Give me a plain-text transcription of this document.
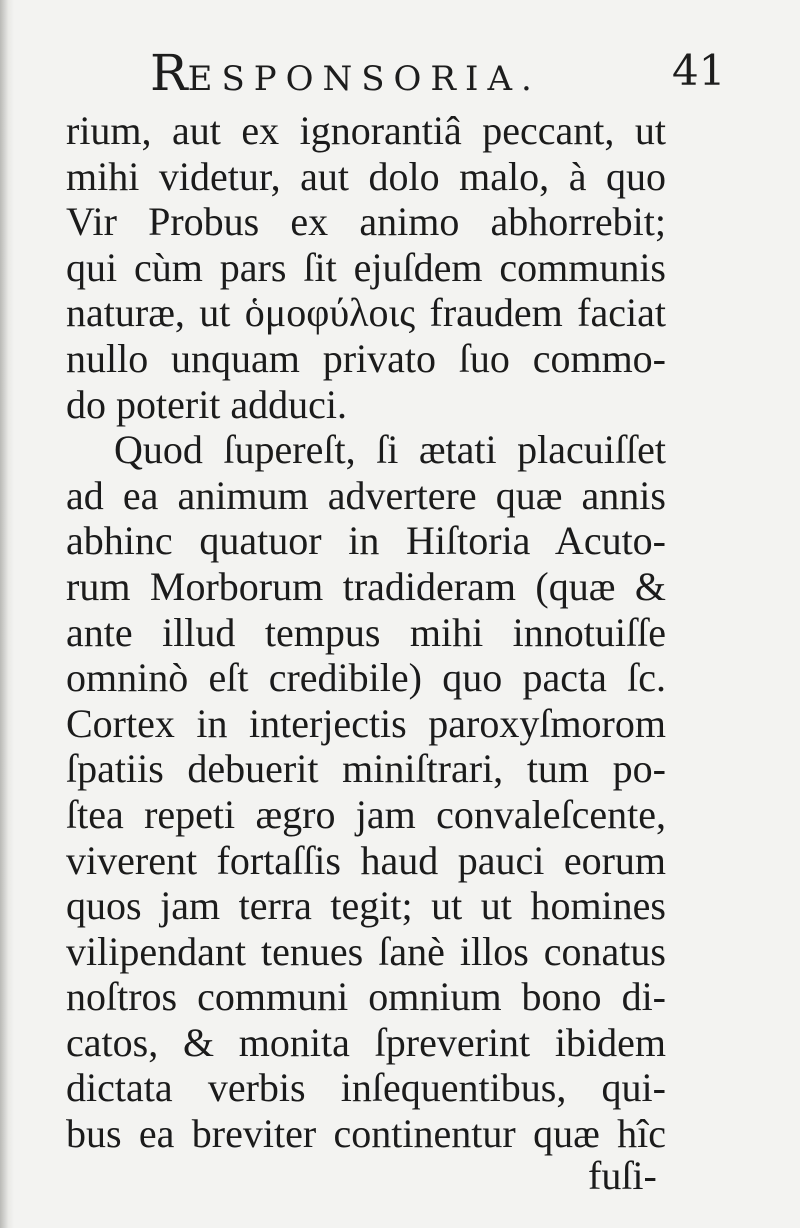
RESPONSORIA.	41
rium, aut ex ignorantiâ peccant, ut
mihi videtur, aut dolo malo, à quo
Vir Probus ex animo abhorrebit;
qui cùm pars ſit ejuſdem communis
naturæ, ut ὁμοφύλοις fraudem faciat
nullo unquam privato ſuo commo-
do poterit adduci.
Quod ſupereſt, ſi ætati placuiſſet
ad ea animum advertere quæ annis
abhinc quatuor in Hiſtoria Acuto-
rum Morborum tradideram (quæ &
ante illud tempus mihi innotuiſſe
omninò eſt credibile) quo pacta ſc.
Cortex in interjectis paroxyſmorom
ſpatiis debuerit miniſtrari, tum po-
ſtea repeti ægro jam convaleſcente,
viverent fortaſſis haud pauci eorum
quos jam terra tegit; ut ut homines
vilipendant tenues ſanè illos conatus
noſtros communi omnium bono di-
catos, & monita ſpreverint ibidem
dictata verbis inſequentibus, qui-
bus ea breviter continentur quæ hîc
fuſi-
